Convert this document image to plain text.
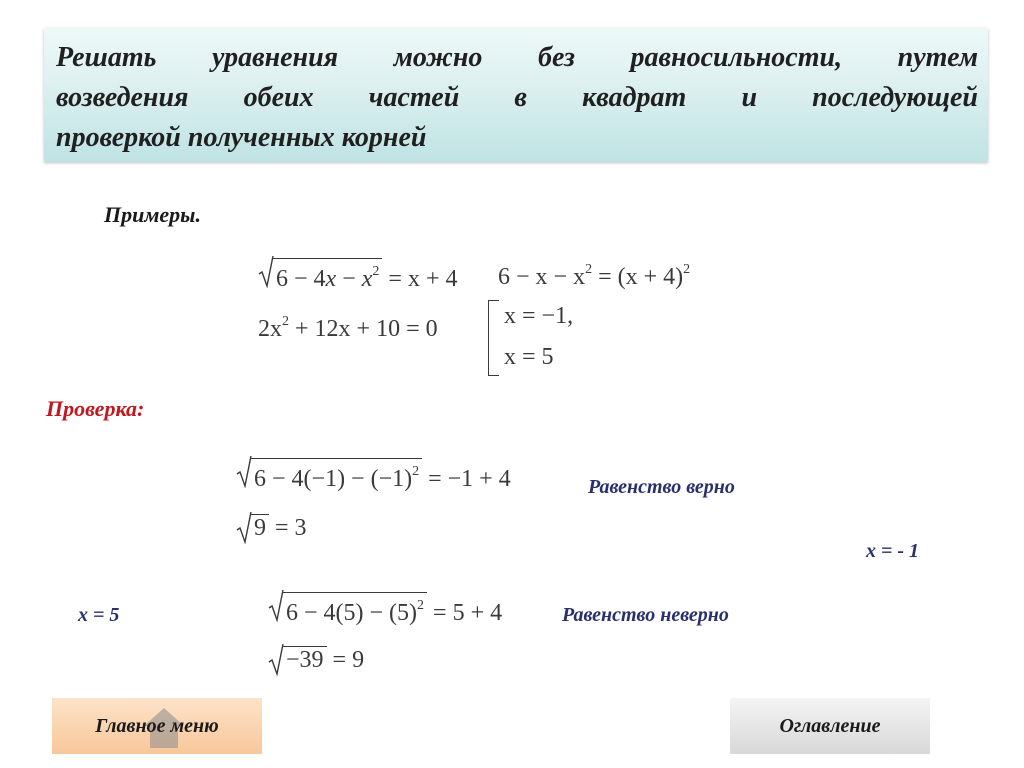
Решать уравнения можно без равносильности, путем
возведения обеих частей в квадрат и последующей
проверкой полученных корней
Примеры.
$6 - 4x - x^2 = x + 4$ $6 - x - x^2 = (x + 4)^2$
$2x^2 + 12x + 10 = 0$	x = −1,
x = 5
Проверка:
$6 - 4(-1) - (-1)^2 = -1 + 4$
9 = 3
Равенство верно
x = - 1
x = 5	$6 - 4(5) - (5)^2 = 5 + 4$
−39 = 9
Равенство неверно
Главное меню	Оглавление
